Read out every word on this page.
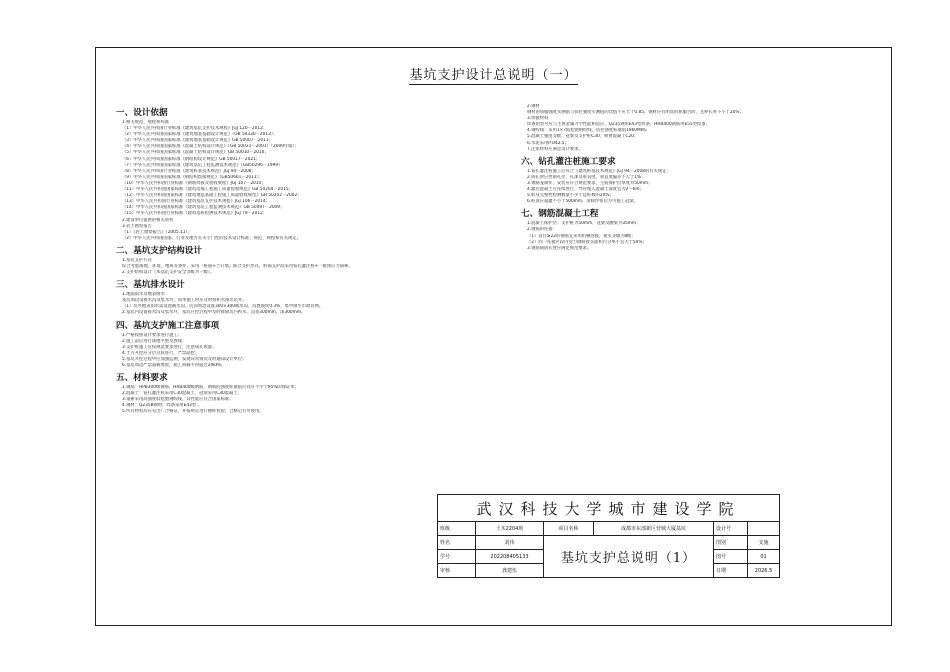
基坑支护设计总说明（一）
一、设计依据
1.相关规范、规程和标准
（1）中华人民共和国行业标准《建筑基坑支护技术规程》JGJ 120－2012；
（2）中华人民共和国国家标准《建筑地基基础设计规范》（GB 50330－2013）；
（3）中华人民共和国国家标准《建筑地基基础设计规范》GB 50007－2011；
（4）中华人民共和国国家标准《混凝土结构设计规范》（GB 50021－2001）（2009年版）；
（5）中华人民共和国国家标准《混凝土结构设计规范》GB 50010－2010；
（6）中华人民共和国国家标准《钢结构设计规范》GB 50017－2021；
（7）中华人民共和国国家标准《建筑基坑工程监测技术规范》（GB50296－1999）
（8）中华人民共和国行业标准《建筑桩基技术规范》JGJ 94－2008；
（9）中华人民共和国国家标准《钢结构焊接规范》（GB50661－2011）；
（10）中华人民共和国行业标准《钢筋焊接及验收规程》JGJ 107－2010；
（11）中华人民共和国国家标准《建筑边坡工程施工质量验收规范》GB 50204－2015；
（12）中华人民共和国国家标准《建筑地基基础工程施工质量验收规范》GB 50202－2002；
（13）中华人民共和国行业标准《建筑基坑支护技术规程》JGJ 106－2014；
（14）中华人民共和国国家标准《建筑基坑工程监测技术规范》GB 50497－2009；
（15）中华人民共和国行业标准《建筑基桩检测技术规范》JGJ 79－2012；
2.建设单位提供的相关资料
3.岩土勘察报告
（1）《岩土勘察报告》（2005.11）；
（2）中华人民共和国国家、行业及地方有关专门性的技术设计标准、规范、规程和有关规定。
二、基坑支护结构设计
1.基坑支护方式
综合考虑场地、环境、地质等条件，采用『桩锚+土钉墙』联合支护形式，桩锚支护段采用钻孔灌注桩+一排预应力锚索。
2.支护结构设计（本基坑支护安全等级为一级）。
三、基坑排水设计
1.地面雨水及地表排水
基坑周边设排水沟及集水井，雨季施工时应及时将积水排出坑外。
（1）坑外地表雨水需设置截水沟，坑顶周边设置300×300截水沟，沟底坡度0.3%，集中排至市政管网。
2.基坑内设置排水沟及集水井，基坑开挖过程中及时排除坑内积水，沟宽300mm，深300mm。
四、基坑支护施工注意事项
1.严格按照设计要求进行施工；
2.施工前应进行场地平整及放线；
3.支护桩施工应按规范要求进行，注意成孔质量；
4.土方开挖应分层分段进行，严禁超挖；
5.基坑开挖过程中应加强监测，发现异常情况及时通知设计单位；
6.基坑周边严禁超载堆放，施工荷载不得超过20kPa。
五、材料要求
1.钢筋：HPB300级钢筋；HRB400级钢筋，钢筋的强度标准值应具有不小于95%的保证率；
2.混凝土：钻孔灌注桩采用C30混凝土，冠梁采用C30混凝土；
3.锚索采用高强度低松弛钢绞线，其性能应符合国家标准；
4.钢材：Q235B钢材，焊条采用E43型；
5.所有材料均应有出厂合格证，并按规定进行抽样检验，合格后方可使用。
2.钢材
钢材的屈服强度实测值与抗拉强度实测值的比值不应大于0.85，钢材应有明显的屈服台阶，且伸长率不小于20%；
3.焊接材料
焊条的型号应与主体金属力学性能相适应，Q235钢用E43型焊条，HRB400钢筋用E55型焊条；
4.钢绞线：采用1×7低松弛钢绞线，抗拉强度标准值1860MPa；
5.混凝土强度等级：冠梁及支护桩C30，喷射混凝土C20；
6.水泥采用P.O42.5；
7.注浆材料应满足设计要求。
六、钻孔灌注桩施工要求
1.钻孔灌注桩施工应符合《建筑桩基技术规范》JGJ 94－2008的有关规定；
2.成孔时应控制孔径、孔深及垂直度，垂直度偏差不大于1%；
3.钢筋笼制作、安装应符合规范要求，主筋保护层厚度为50mm；
4.灌注混凝土应连续进行，导管埋入混凝土深度宜为2～6m；
5.桩身完整性检测数量不少于总桩数的20%；
6.桩顶应超灌不小于500mm，凿除浮浆后方可施工冠梁。
七、钢筋混凝土工程
1.混凝土保护层：支护桩为50mm，冠梁及腰梁为35mm；
2.钢筋的连接：
（1）直径≥22的钢筋宜采用机械连接，接头等级为Ⅱ级；
（2）同一连接区段内受力钢筋接头面积百分率不宜大于50%；
3.钢筋锚固长度应满足规范要求。
武汉科技大学城市建设学院					
班级	土木2204班	项目名称	成都市东部新区营城大厦基坑	设计号	
姓名	刘伟	基坑支护总说明（1）		图别	支施
学号	202208405133			图号	01
审核	龚建伍			日期	2026.5
